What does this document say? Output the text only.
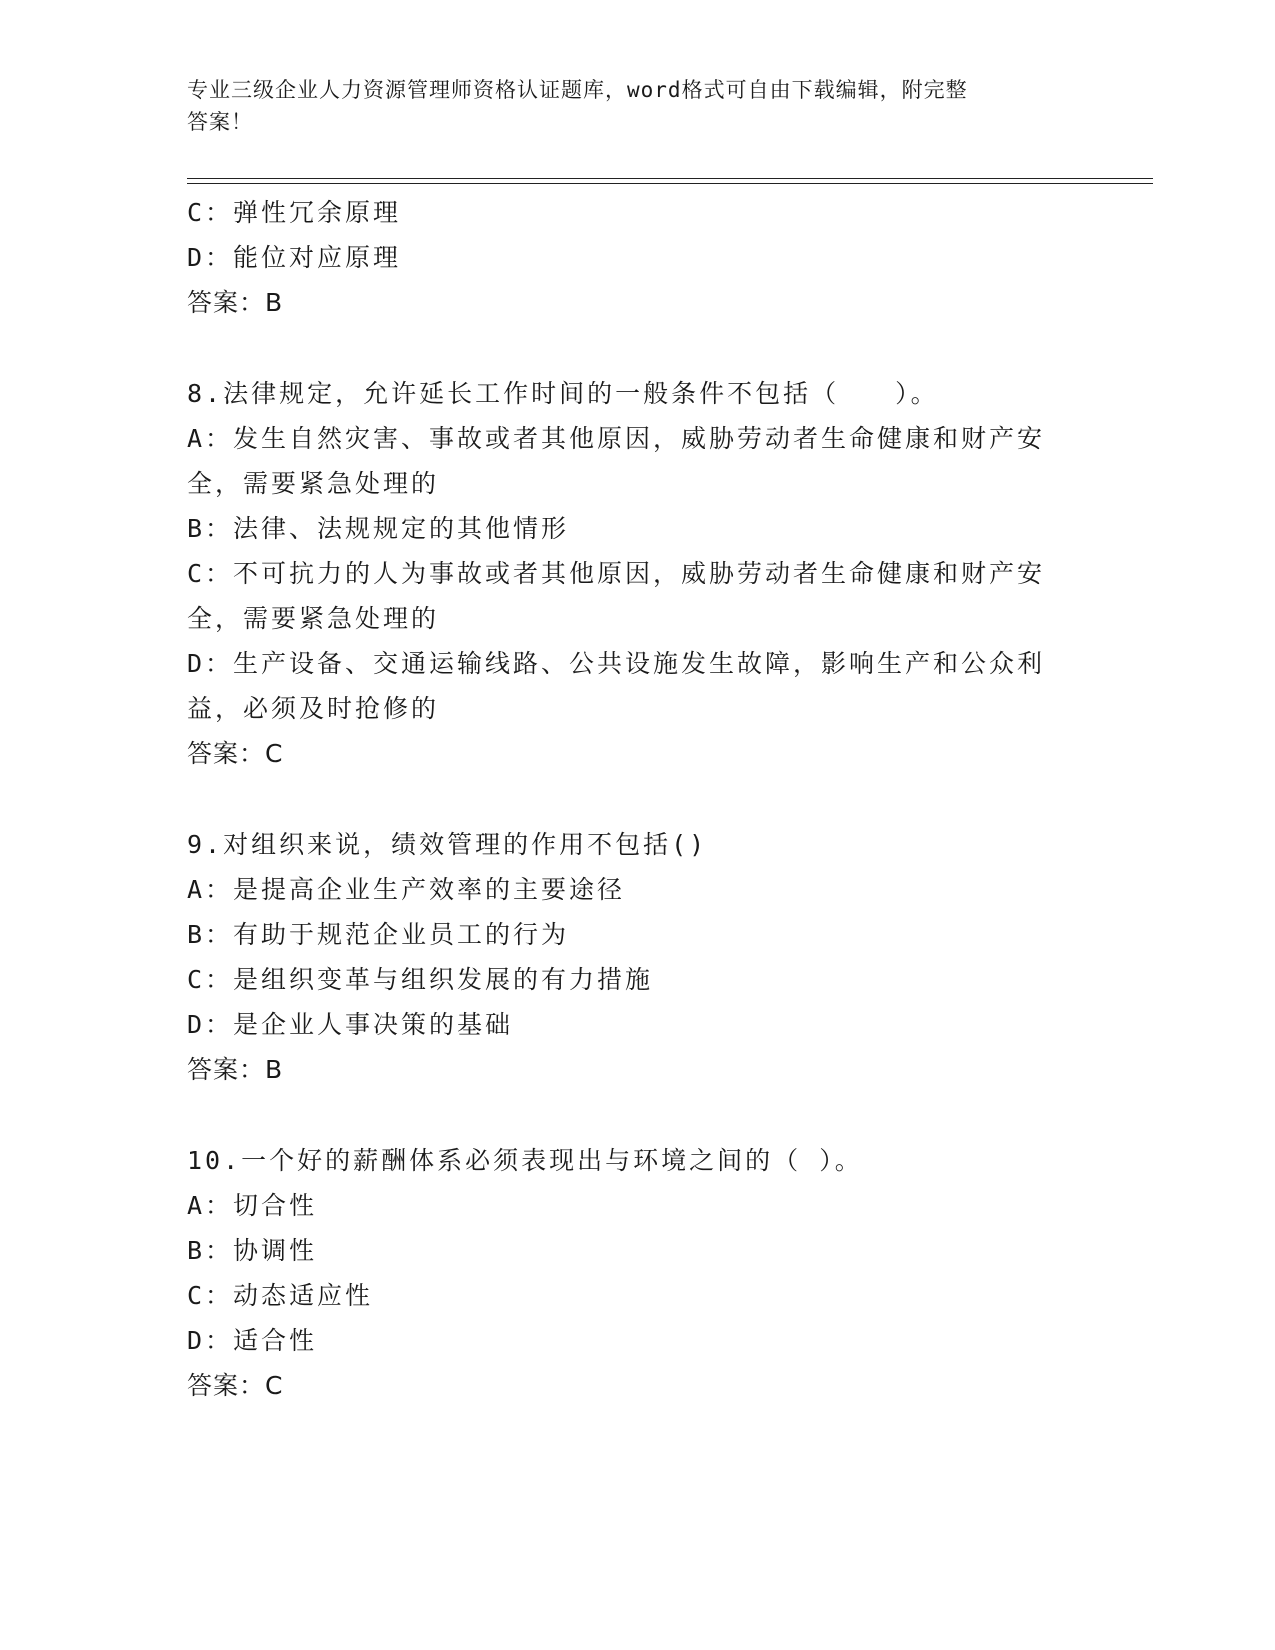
专业三级企业人力资源管理师资格认证题库，word格式可自由下载编辑，附完整
答案！
C：弹性冗余原理
D：能位对应原理
答案：B
8.法律规定，允许延长工作时间的一般条件不包括（　　）。
A：发生自然灾害、事故或者其他原因，威胁劳动者生命健康和财产安
全，需要紧急处理的
B：法律、法规规定的其他情形
C：不可抗力的人为事故或者其他原因，威胁劳动者生命健康和财产安
全，需要紧急处理的
D：生产设备、交通运输线路、公共设施发生故障，影响生产和公众利
益，必须及时抢修的
答案：C
9.对组织来说，绩效管理的作用不包括()
A：是提高企业生产效率的主要途径
B：有助于规范企业员工的行为
C：是组织变革与组织发展的有力措施
D：是企业人事决策的基础
答案：B
10.一个好的薪酬体系必须表现出与环境之间的（ ）。
A：切合性
B：协调性
C：动态适应性
D：适合性
答案：C
